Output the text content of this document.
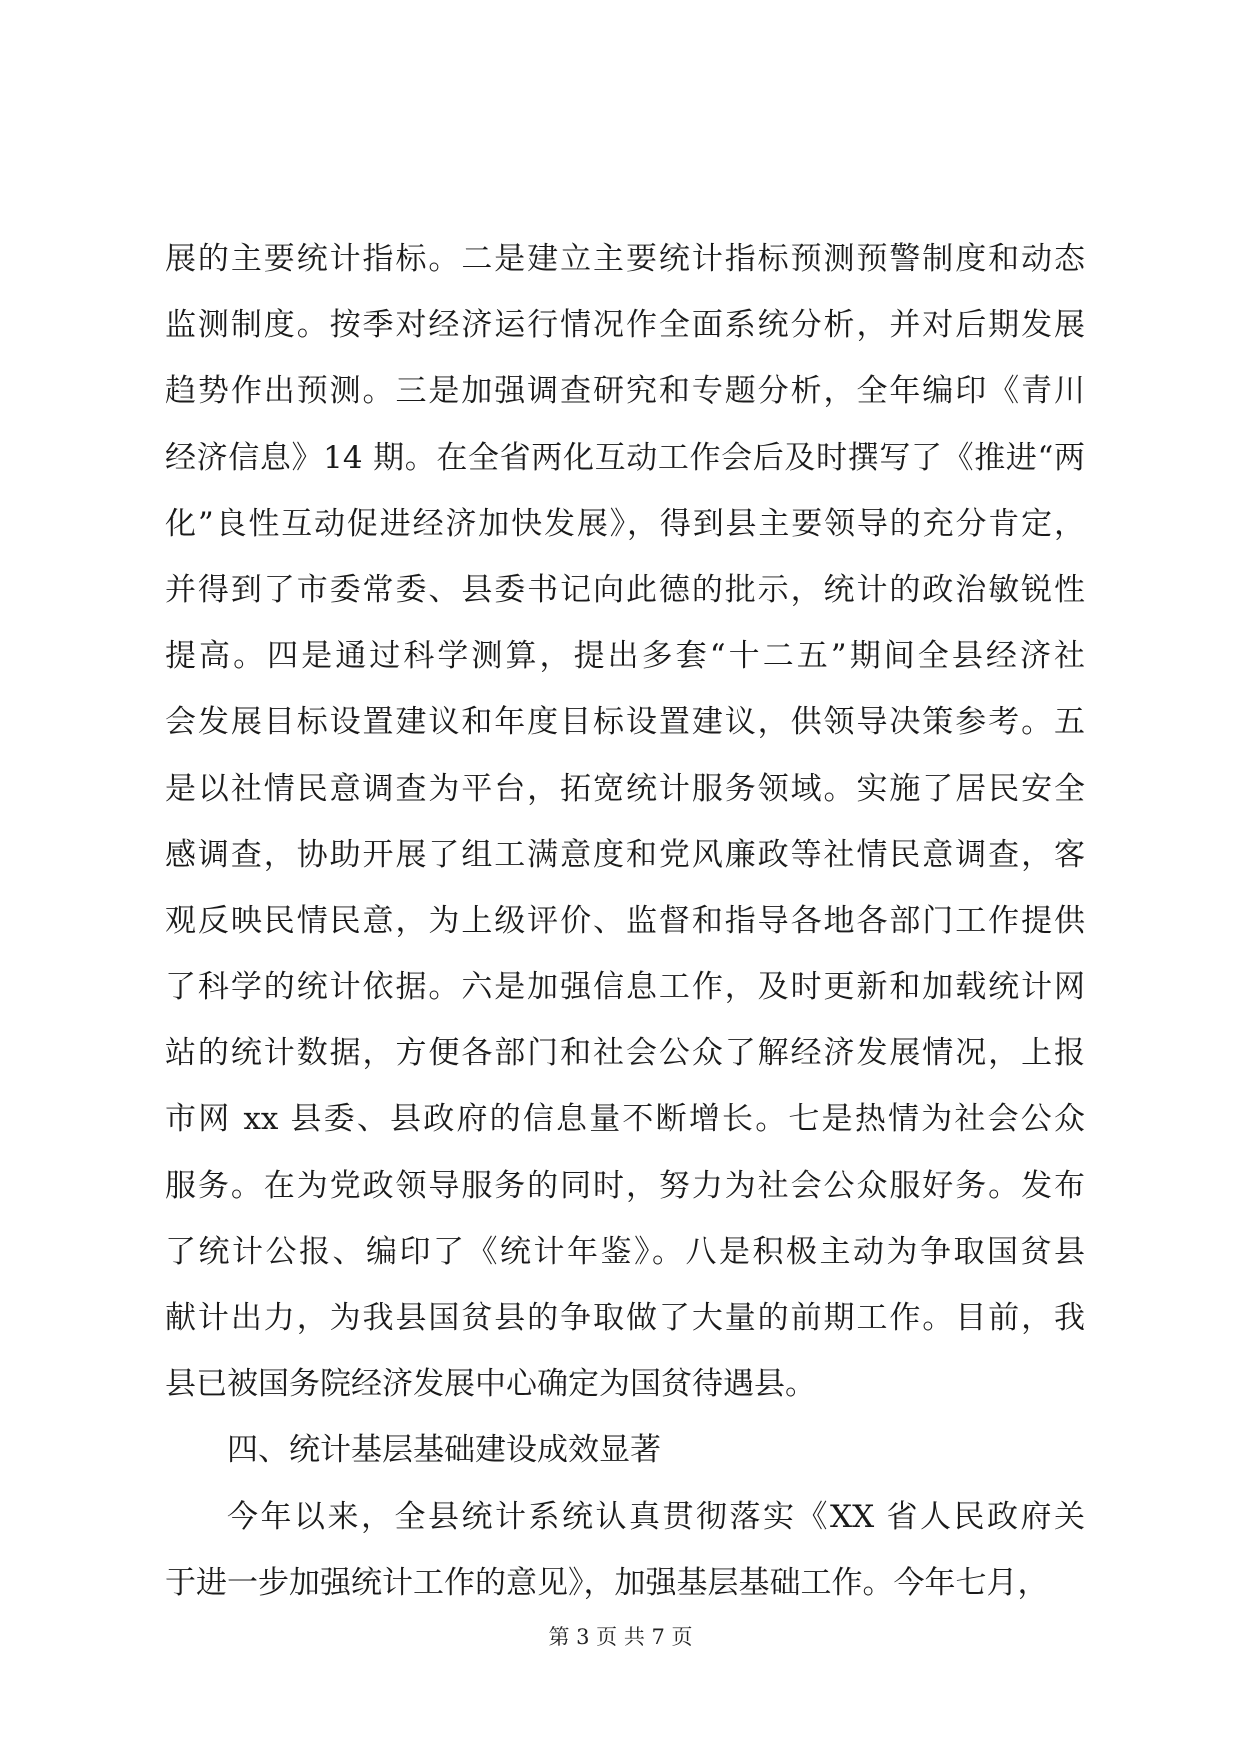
展的主要统计指标。二是建立主要统计指标预测预警制度和动态
监测制度。按季对经济运行情况作全面系统分析，并对后期发展
趋势作出预测。三是加强调查研究和专题分析，全年编印《青川
经济信息》14 期。在全省两化互动工作会后及时撰写了《推进“两
化”良性互动促进经济加快发展》，得到县主要领导的充分肯定，
并得到了市委常委、县委书记向此德的批示，统计的政治敏锐性
提高。四是通过科学测算，提出多套“十二五”期间全县经济社
会发展目标设置建议和年度目标设置建议，供领导决策参考。五
是以社情民意调查为平台，拓宽统计服务领域。实施了居民安全
感调查，协助开展了组工满意度和党风廉政等社情民意调查，客
观反映民情民意，为上级评价、监督和指导各地各部门工作提供
了科学的统计依据。六是加强信息工作，及时更新和加载统计网
站的统计数据，方便各部门和社会公众了解经济发展情况，上报
市网 xx 县委、县政府的信息量不断增长。七是热情为社会公众
服务。在为党政领导服务的同时，努力为社会公众服好务。发布
了统计公报、编印了《统计年鉴》。八是积极主动为争取国贫县
献计出力，为我县国贫县的争取做了大量的前期工作。目前，我
县已被国务院经济发展中心确定为国贫待遇县。
四、统计基层基础建设成效显著
今年以来，全县统计系统认真贯彻落实《XX 省人民政府关
于进一步加强统计工作的意见》，加强基层基础工作。今年七月，
第 3 页 共 7 页
